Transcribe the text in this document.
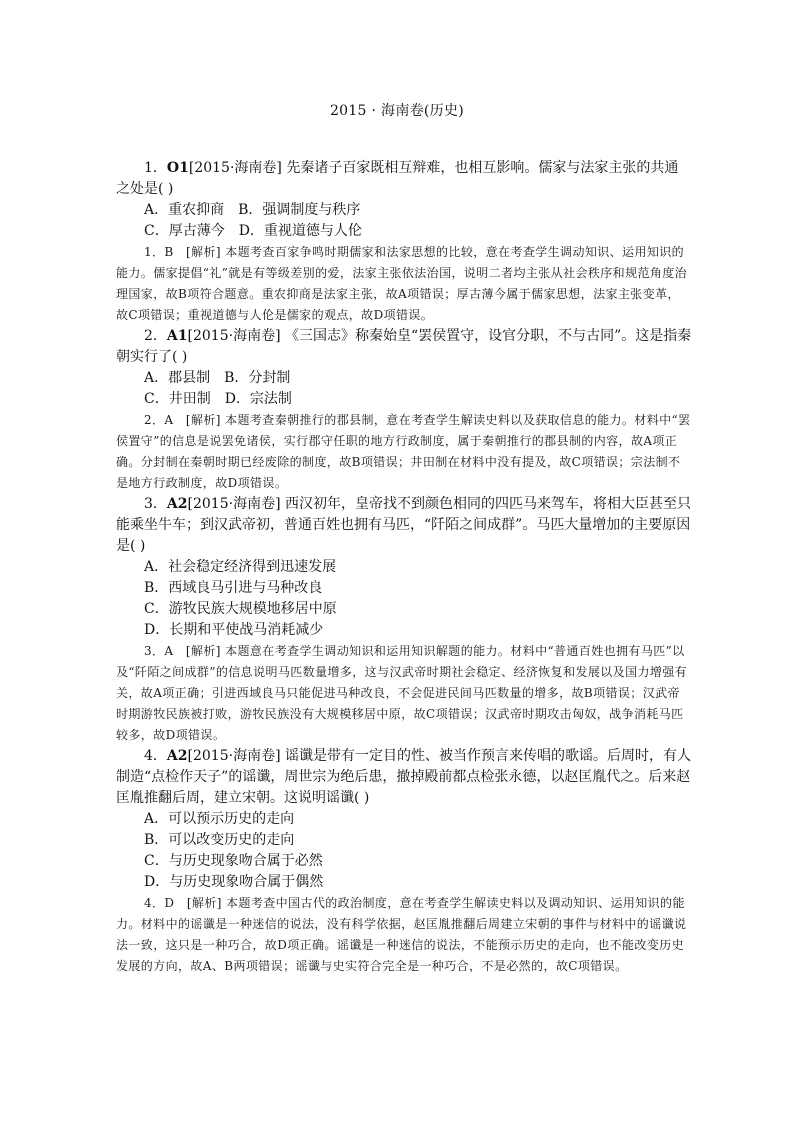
2015 · 海南卷(历史)

1．O1[2015·海南卷] 先秦诸子百家既相互辩难，也相互影响。儒家与法家主张的共通之处是( )

A．重农抑商　B．强调制度与秩序

C．厚古薄今　D．重视道德与人伦

1．B　[解析] 本题考查百家争鸣时期儒家和法家思想的比较，意在考查学生调动知识、运用知识的能力。儒家提倡“礼”就是有等级差别的爱，法家主张依法治国，说明二者均主张从社会秩序和规范角度治理国家，故B项符合题意。重农抑商是法家主张，故A项错误；厚古薄今属于儒家思想，法家主张变革，故C项错误；重视道德与人伦是儒家的观点，故D项错误。

2．A1[2015·海南卷] 《三国志》称秦始皇“罢侯置守，设官分职，不与古同”。这是指秦朝实行了( )

A．郡县制　B．分封制

C．井田制　D．宗法制

2．A　[解析] 本题考查秦朝推行的郡县制，意在考查学生解读史料以及获取信息的能力。材料中“罢侯置守”的信息是说罢免诸侯，实行郡守任职的地方行政制度，属于秦朝推行的郡县制的内容，故A项正确。分封制在秦朝时期已经废除的制度，故B项错误；井田制在材料中没有提及，故C项错误；宗法制不是地方行政制度，故D项错误。

3．A2[2015·海南卷] 西汉初年，皇帝找不到颜色相同的四匹马来驾车，将相大臣甚至只能乘坐牛车；到汉武帝初，普通百姓也拥有马匹，“阡陌之间成群”。马匹大量增加的主要原因是( )

A．社会稳定经济得到迅速发展

B．西域良马引进与马种改良

C．游牧民族大规模地移居中原

D．长期和平使战马消耗减少

3．A　[解析] 本题意在考查学生调动知识和运用知识解题的能力。材料中“普通百姓也拥有马匹”以及“阡陌之间成群”的信息说明马匹数量增多，这与汉武帝时期社会稳定、经济恢复和发展以及国力增强有关，故A项正确；引进西域良马只能促进马种改良，不会促进民间马匹数量的增多，故B项错误；汉武帝时期游牧民族被打败，游牧民族没有大规模移居中原，故C项错误；汉武帝时期攻击匈奴，战争消耗马匹较多，故D项错误。

4．A2[2015·海南卷] 谣谶是带有一定目的性、被当作预言来传唱的歌谣。后周时，有人制造“点检作天子”的谣谶，周世宗为绝后患，撤掉殿前都点检张永德，以赵匡胤代之。后来赵匡胤推翻后周，建立宋朝。这说明谣谶( )

A．可以预示历史的走向

B．可以改变历史的走向

C．与历史现象吻合属于必然

D．与历史现象吻合属于偶然

4．D　[解析] 本题考查中国古代的政治制度，意在考查学生解读史料以及调动知识、运用知识的能力。材料中的谣谶是一种迷信的说法，没有科学依据，赵匡胤推翻后周建立宋朝的事件与材料中的谣谶说法一致，这只是一种巧合，故D项正确。谣谶是一种迷信的说法，不能预示历史的走向，也不能改变历史发展的方向，故A、B两项错误；谣谶与史实符合完全是一种巧合，不是必然的，故C项错误。
